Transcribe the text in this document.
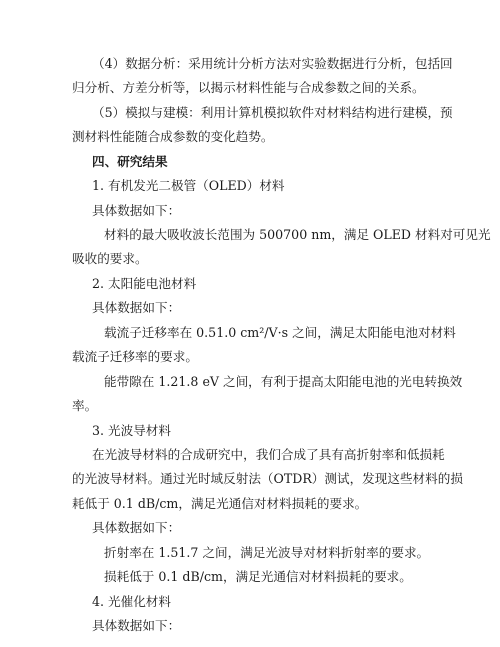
（4）数据分析：采用统计分析方法对实验数据进行分析，包括回
归分析、方差分析等，以揭示材料性能与合成参数之间的关系。
（5）模拟与建模：利用计算机模拟软件对材料结构进行建模，预
测材料性能随合成参数的变化趋势。
四、研究结果
1. 有机发光二极管（OLED）材料
具体数据如下：
材料的最大吸收波长范围为 500700 nm，满足 OLED 材料对可见光
吸收的要求。
2. 太阳能电池材料
具体数据如下：
载流子迁移率在 0.51.0 cm²/V·s 之间，满足太阳能电池对材料
载流子迁移率的要求。
能带隙在 1.21.8 eV 之间，有利于提高太阳能电池的光电转换效
率。
3. 光波导材料
在光波导材料的合成研究中，我们合成了具有高折射率和低损耗
的光波导材料。通过光时域反射法（OTDR）测试，发现这些材料的损
耗低于 0.1 dB/cm，满足光通信对材料损耗的要求。
具体数据如下：
折射率在 1.51.7 之间，满足光波导对材料折射率的要求。
损耗低于 0.1 dB/cm，满足光通信对材料损耗的要求。
4. 光催化材料
具体数据如下：
